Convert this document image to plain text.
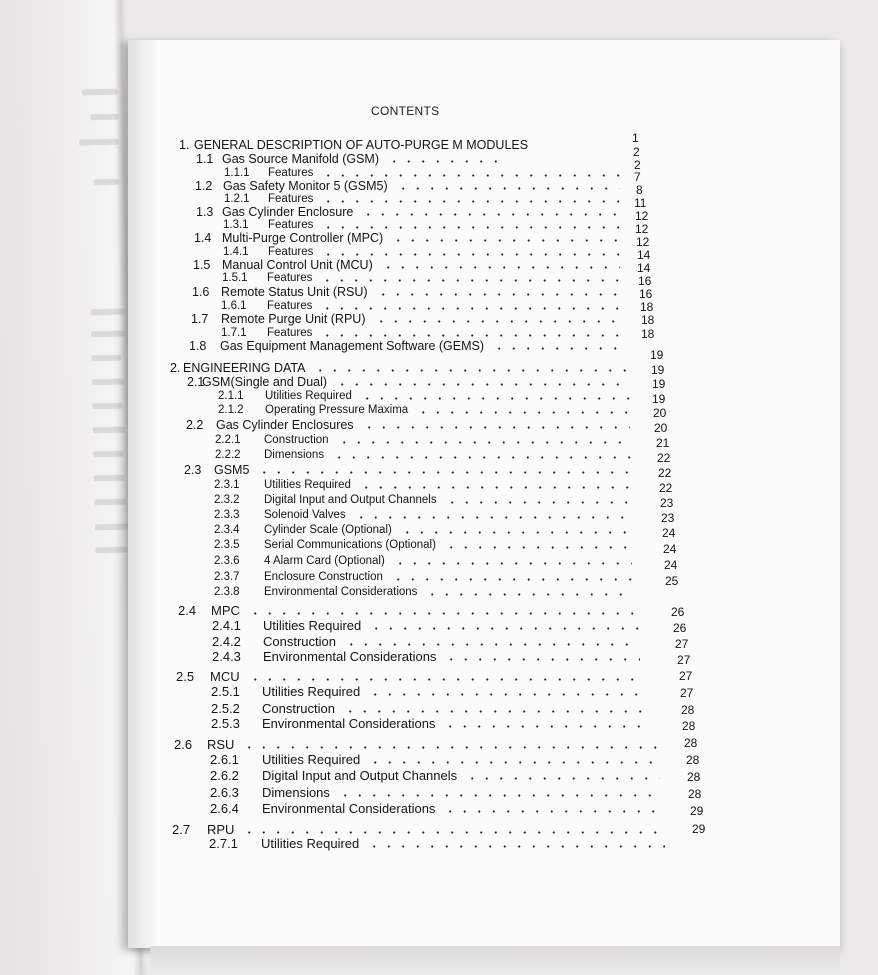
CONTENTS
1. GENERAL DESCRIPTION OF AUTO-PURGE M MODULES
1.1 Gas Source Manifold (GSM)
1.1.1 Features
1.2 Gas Safety Monitor 5 (GSM5)
1.2.1 Features
1.3 Gas Cylinder Enclosure
1.3.1 Features
1.4 Multi-Purge Controller (MPC)
1.4.1 Features
1.5 Manual Control Unit (MCU)
1.5.1 Features
1.6 Remote Status Unit (RSU)
1.6.1 Features
1.7 Remote Purge Unit (RPU)
1.7.1 Features
1.8 Gas Equipment Management Software (GEMS)
2. ENGINEERING DATA
2.1
GSM(Single and Dual)
2.1.1 Utilities Required
2.1.2 Operating Pressure Maxima
2.2 Gas Cylinder Enclosures
2.2.1 Construction
2.2.2 Dimensions
2.3 GSM5
2.3.1 Utilities Required
2.3.2 Digital Input and Output Channels
2.3.3 Solenoid Valves
2.3.4 Cylinder Scale (Optional)
2.3.5 Serial Communications (Optional)
2.3.6 4 Alarm Card (Optional)
2.3.7 Enclosure Construction
2.3.8 Environmental Considerations
2.4 MPC
2.4.1 Utilities Required
2.4.2 Construction
2.4.3 Environmental Considerations
2.5 MCU
2.5.1 Utilities Required
2.5.2 Construction
2.5.3 Environmental Considerations
2.6 RSU
2.6.1 Utilities Required
2.6.2 Digital Input and Output Channels
2.6.3 Dimensions
2.6.4 Environmental Considerations
2.7 RPU
2.7.1 Utilities Required
1
2
2
7
8
11
12
12
12
14
14
16
16
18
18
18
19
19
19
19
20
20
21
22
22
22
23
23
24
24
24
25
26
26
27
27
27
27
28
28
28
28
28
28
29
29
